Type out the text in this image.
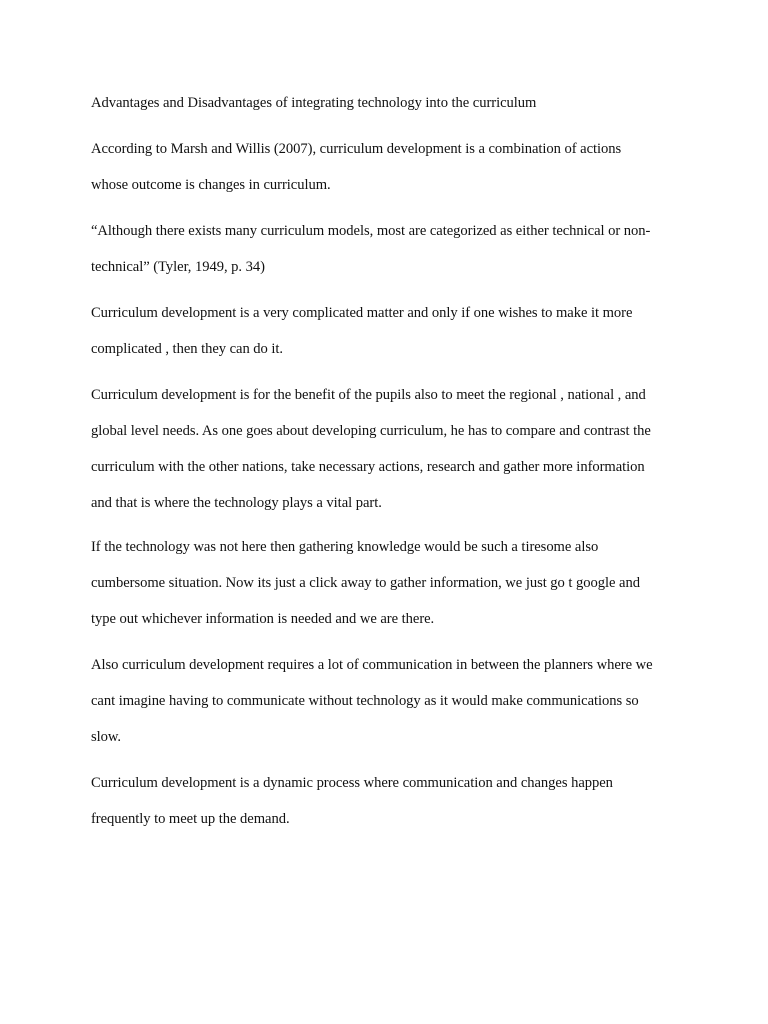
Advantages and Disadvantages of integrating technology into the curriculum
According to Marsh and Willis (2007), curriculum development is a combination of actions
whose outcome is changes in curriculum.
“Although there exists many curriculum models, most are categorized as either technical or non-
technical” (Tyler, 1949, p. 34)
Curriculum development is a very complicated matter and only if one wishes to make it more
complicated , then they can do it.
Curriculum development is for the benefit of the pupils also to meet the regional , national , and
global level needs. As one goes about developing curriculum, he has to compare and contrast the
curriculum with the other nations, take necessary actions, research and gather more information
and that is where the technology plays a vital part.
If the technology was not here then gathering knowledge would be such a tiresome also
cumbersome situation. Now its just a click away to gather information, we just go t google and
type out whichever information is needed and we are there.
Also curriculum development requires a lot of communication in between the planners where we
cant imagine having to communicate without technology as it would make communications so
slow.
Curriculum development is a dynamic process where communication and changes happen
frequently to meet up the demand.
